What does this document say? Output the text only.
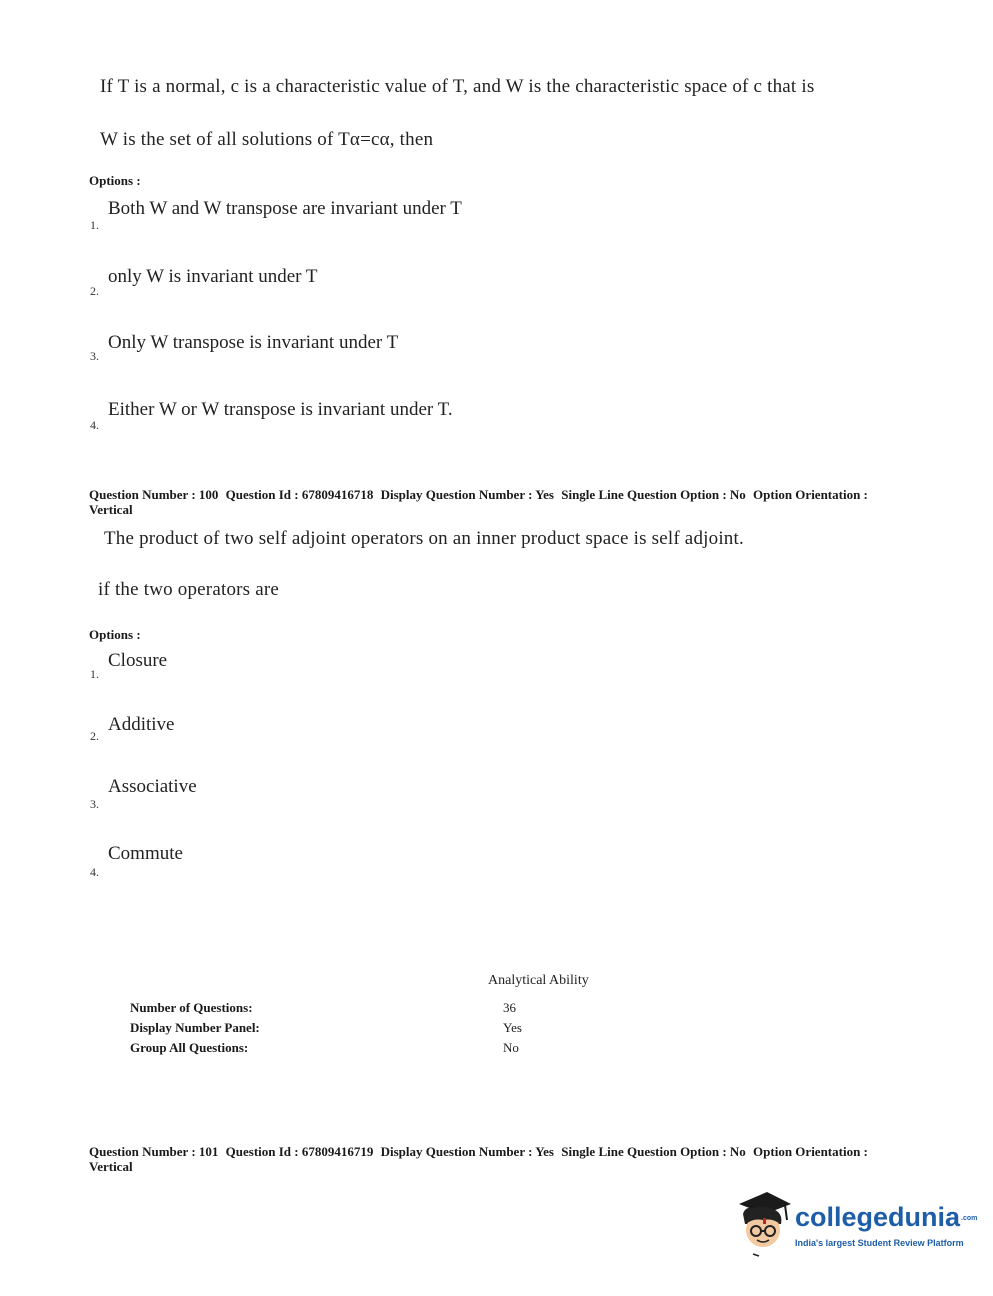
If T is a normal, c is a characteristic value of T, and W is the characteristic space of c that is
W is the set of all solutions of Tα=cα, then
Options :
Both W and W transpose are invariant under T
1.
only W is invariant under T
2.
Only W transpose is invariant under T
3.
Either W or W transpose is invariant under T.
4.
Question Number : 100 Question Id : 67809416718 Display Question Number : Yes Single Line Question Option : No Option Orientation : Vertical
The product of two self adjoint operators on an inner product space is self adjoint.
if the two operators are
Options :
Closure
1.
Additive
2.
Associative
3.
Commute
4.
Analytical Ability
Number of Questions:	36
Display Number Panel:	Yes
Group All Questions:	No
Question Number : 101 Question Id : 67809416719 Display Question Number : Yes Single Line Question Option : No Option Orientation : Vertical
collegedunia.com
India's largest Student Review Platform
